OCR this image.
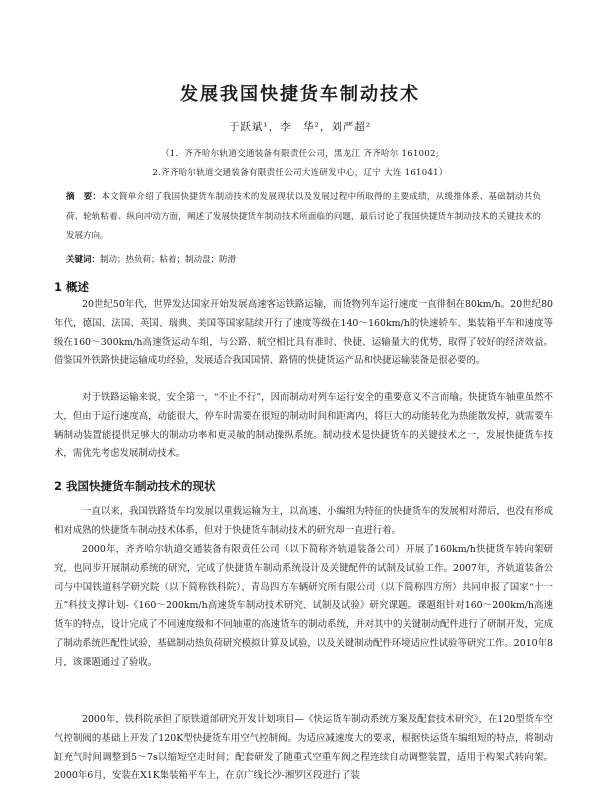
发展我国快捷货车制动技术
于跃斌¹，李　华²，刘严超²
（1．齐齐哈尔轨道交通装备有限责任公司，黑龙江 齐齐哈尔 161002;
2.齐齐哈尔轨道交通装备有限责任公司大连研发中心，辽宁 大连 161041）
摘　要：本文简单介绍了我国快捷货车制动技术的发展现状以及发展过程中所取得的主要成绩，从缓推体系、基础制动共负荷、轮轨粘着、纵向冲动方面，阐述了发展快捷货车制动技术所面临的问题，最后讨论了我国快捷货车制动技术的关键技术的发展方向。
关键词：制动；热负荷；粘着；制动盘；防滑
1 概述

20世纪50年代，世界发达国家开始发展高速客运铁路运输，而货物列车运行速度一直徘徊在80km/h。20世纪80年代，德国、法国、英国、瑞典、美国等国家陆续开行了速度等级在140～160km/h的快速轿车、集装箱平车和速度等级在160～300km/h高速货运动车组，与公路、航空相比具有准时、快捷、运输量大的优势，取得了较好的经济效益。借鉴国外铁路快捷运输成功经验，发展适合我国国情、路情的快捷货运产品和快捷运输装备是很必要的。

对于铁路运输来说，安全第一，“不止不行”，因而制动对列车运行安全的重要意义不言而喻。快捷货车轴重虽然不大，但由于运行速度高，动能很大，停车时需要在很短的制动时间和距离内，将巨大的动能转化为热能散发掉，就需要车辆制动装置能提供足够大的制动功率和更灵敏的制动操纵系统。制动技术是快捷货车的关键技术之一，发展快捷货车技术，需优先考虑发展制动技术。

2 我国快捷货车制动技术的现状

一直以来，我国铁路货车均发展以重载运输为主，以高速、小编组为特征的快捷货车的发展相对滞后，也没有形成相对成熟的快捷货车制动技术体系，但对于快捷货车制动技术的研究却一直进行着。

2000年，齐齐哈尔轨道交通装备有限责任公司（以下简称齐轨道装备公司）开展了160km/h快捷货车转向架研究，也同步开展制动系统的研究，完成了快捷货车制动系统设计及关键配件的试制及试验工作。2007年，齐轨道装备公司与中国铁道科学研究院（以下简称铁科院）、青岛四方车辆研究所有限公司（以下简称四方所）共同申报了国家“十一五”科技支撑计划-《160～200km/h高速货车制动技术研究、试制及试验》研究课题。课题组针对160～200km/h高速货车的特点，设计完成了不同速度级和不同轴重的高速货车的制动系统，并对其中的关键制动配件进行了研制开发，完成了制动系统匹配性试验，基础制动热负荷研究模拟计算及试验，以及关键制动配件环境适应性试验等研究工作。2010年8月，该课题通过了验收。

2000年，铁科院承担了原铁道部研究开发计划项目—《快运货车制动系统方案及配套技术研究》，在120型货车空气控制阀的基础上开发了120K型快捷货车用空气控制阀。为适应减速度大的要求，根据快运货车编组短的特点，将制动缸充气时间调整到5～7s以缩短空走时间；配套研发了随重式空重车阀之程连续自动调整装置，适用于构架式转向架。2000年6月，安装在X1K集装箱平车上，在京广线长沙-湘罗区段进行了装
